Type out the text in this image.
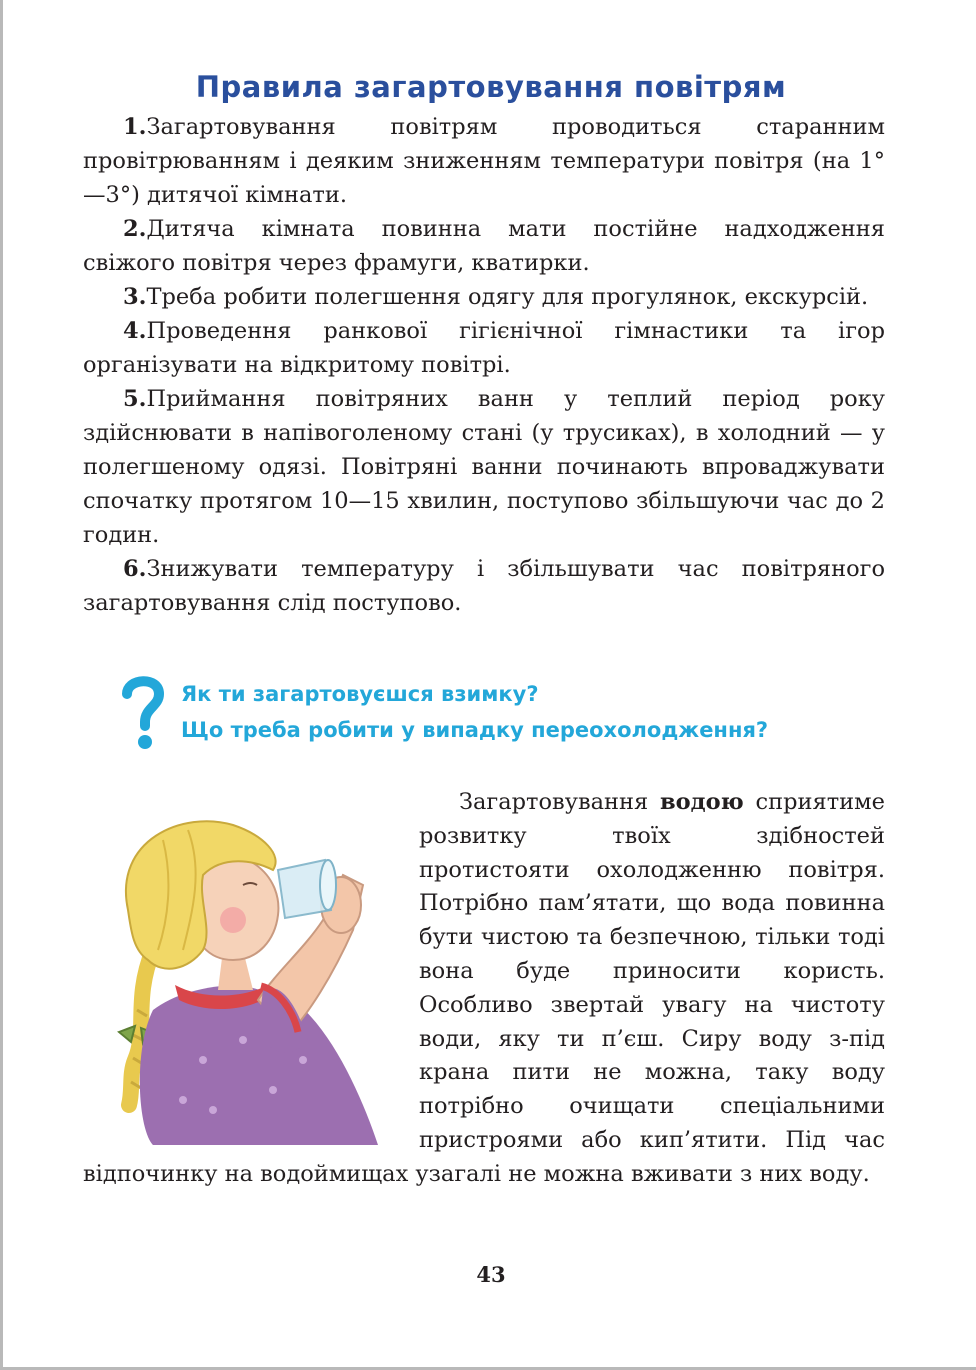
Правила загартовування повітрям

1.Загартовування повітрям проводиться старанним провітрюванням і деяким зниженням температури повітря (на 1°—3°) дитячої кімнати.

2.Дитяча кімната повинна мати постійне надходження свіжого повітря через фрамуги, кватирки.

3.Треба робити полегшення одягу для прогулянок, екскурсій.

4.Проведення ранкової гігієнічної гімнастики та ігор організувати на відкритому повітрі.

5.Приймання повітряних ванн у теплий період року здійснювати в напівоголеному стані (у трусиках), в холодний — у полегшеному одязі. Повітряні ванни починають впроваджувати спочатку протягом 10—15 хвилин, поступово збільшуючи час до 2 годин.

6.Знижувати температуру і збільшувати час повітряного загартовування слід поступово.

Як ти загартовуєшся взимку?
Що треба робити у випадку переохолодження?

Загартовування водою сприятиме розвитку твоїх здібностей протистояти охолодженню повітря. Потрібно пам’ятати, що вода повинна бути чистою та безпечною, тільки тоді вона буде приносити користь. Особливо звертай увагу на чистоту води, яку ти п’єш. Сиру воду з-під крана пити не можна, таку воду потрібно очищати спеціальними пристроями або кип’ятити. Під час відпочинку на водоймищах узагалі не можна вживати з них воду.

43
